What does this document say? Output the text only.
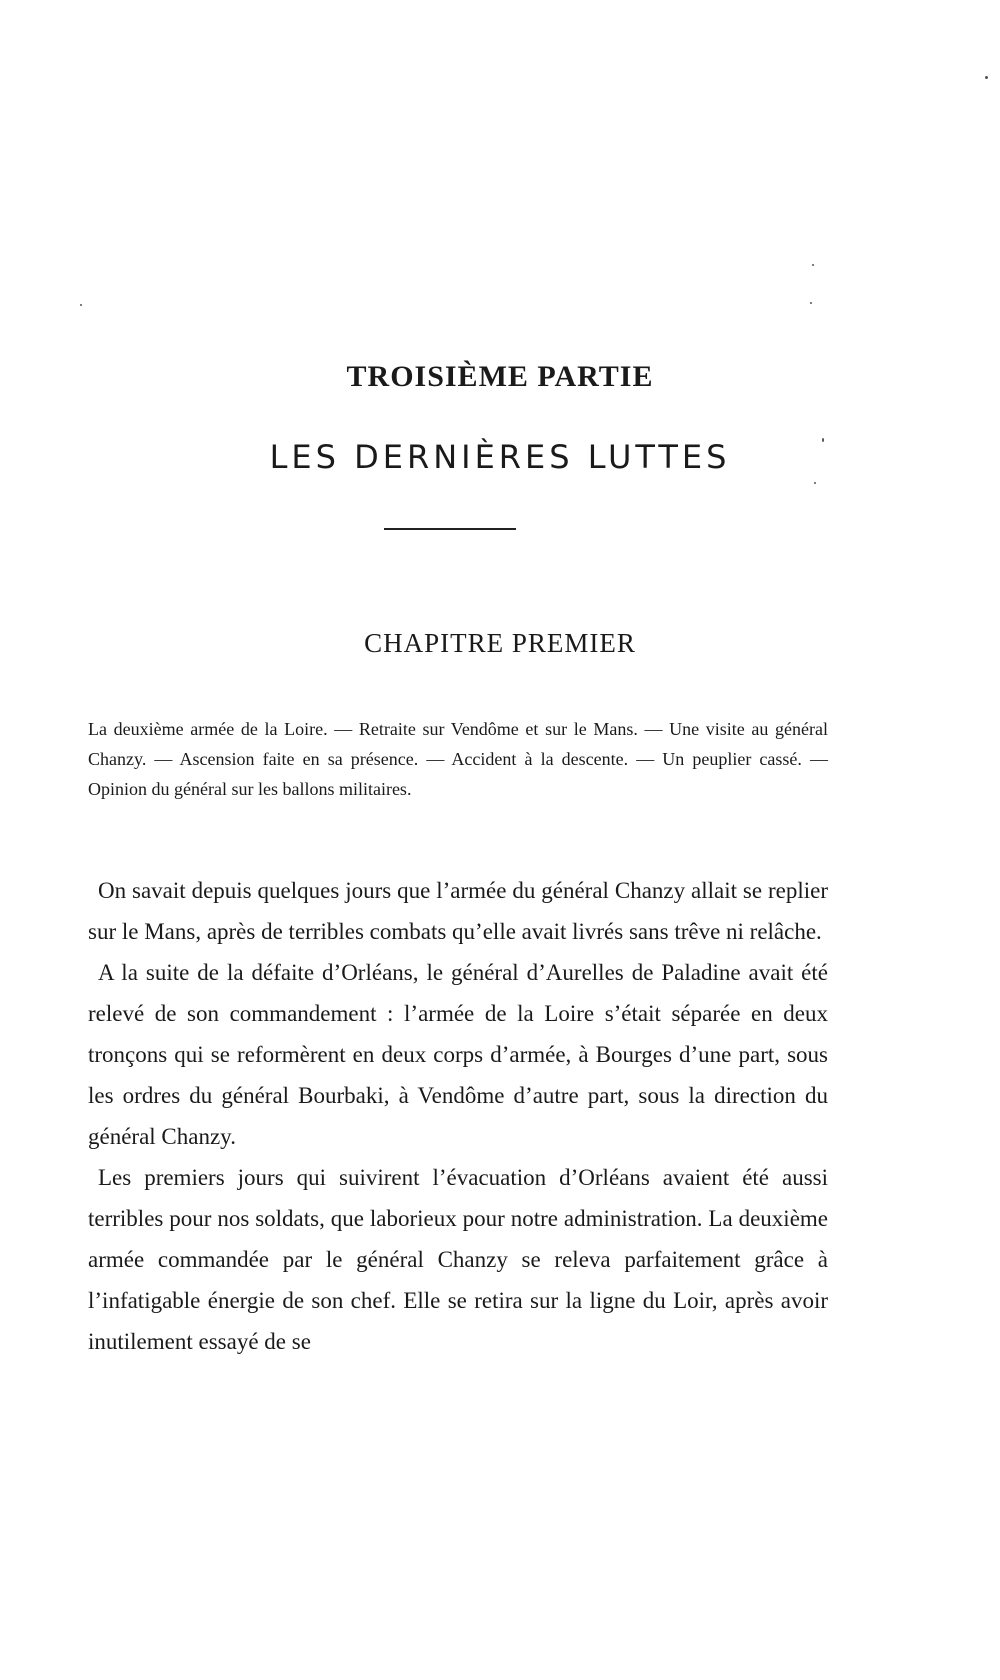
TROISIÈME PARTIE
LES DERNIÈRES LUTTES
CHAPITRE PREMIER
La deuxième armée de la Loire. — Retraite sur Vendôme et sur le Mans. — Une visite au général Chanzy. — Ascension faite en sa présence. — Accident à la descente. — Un peuplier cassé. — Opinion du général sur les ballons militaires.

On savait depuis quelques jours que l’armée du général Chanzy allait se replier sur le Mans, après de terribles combats qu’elle avait livrés sans trêve ni relâche.

A la suite de la défaite d’Orléans, le général d’Aurelles de Paladine avait été relevé de son commandement : l’armée de la Loire s’était séparée en deux tronçons qui se reformèrent en deux corps d’armée, à Bourges d’une part, sous les ordres du général Bourbaki, à Vendôme d’autre part, sous la direction du général Chanzy.

Les premiers jours qui suivirent l’évacuation d’Orléans avaient été aussi terribles pour nos soldats, que laborieux pour notre administration. La deuxième armée commandée par le général Chanzy se releva parfaitement grâce à l’infatigable énergie de son chef. Elle se retira sur la ligne du Loir, après avoir inutilement essayé de se
